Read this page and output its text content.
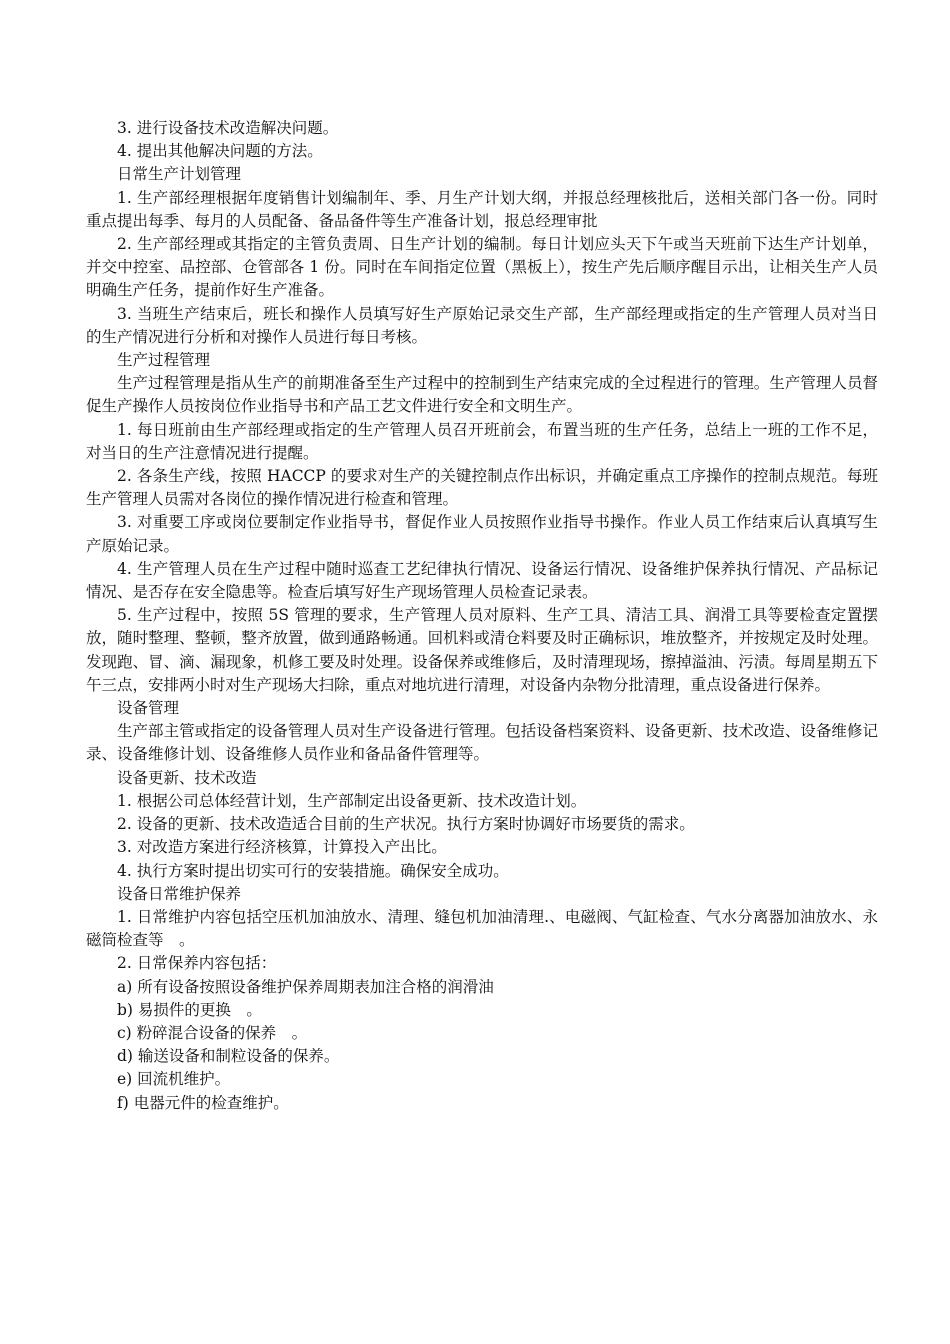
3. 进行设备技术改造解决问题。

4. 提出其他解决问题的方法。

日常生产计划管理

1. 生产部经理根据年度销售计划编制年、季、月生产计划大纲，并报总经理核批后，送相关部门各一份。同时重点提出每季、每月的人员配备、备品备件等生产准备计划，报总经理审批

2. 生产部经理或其指定的主管负责周、日生产计划的编制。每日计划应头天下午或当天班前下达生产计划单，并交中控室、品控部、仓管部各 1 份。同时在车间指定位置（黑板上），按生产先后顺序醒目示出，让相关生产人员明确生产任务，提前作好生产准备。

3. 当班生产结束后，班长和操作人员填写好生产原始记录交生产部，生产部经理或指定的生产管理人员对当日的生产情况进行分析和对操作人员进行每日考核。

生产过程管理

生产过程管理是指从生产的前期准备至生产过程中的控制到生产结束完成的全过程进行的管理。生产管理人员督促生产操作人员按岗位作业指导书和产品工艺文件进行安全和文明生产。

1. 每日班前由生产部经理或指定的生产管理人员召开班前会，布置当班的生产任务，总结上一班的工作不足，对当日的生产注意情况进行提醒。

2. 各条生产线，按照 HACCP 的要求对生产的关键控制点作出标识，并确定重点工序操作的控制点规范。每班生产管理人员需对各岗位的操作情况进行检查和管理。

3. 对重要工序或岗位要制定作业指导书，督促作业人员按照作业指导书操作。作业人员工作结束后认真填写生产原始记录。

4. 生产管理人员在生产过程中随时巡查工艺纪律执行情况、设备运行情况、设备维护保养执行情况、产品标记情况、是否存在安全隐患等。检查后填写好生产现场管理人员检查记录表。

5. 生产过程中，按照 5S 管理的要求，生产管理人员对原料、生产工具、清洁工具、润滑工具等要检查定置摆放，随时整理、整顿，整齐放置，做到通路畅通。回机料或清仓料要及时正确标识，堆放整齐，并按规定及时处理。发现跑、冒、滴、漏现象，机修工要及时处理。设备保养或维修后，及时清理现场，擦掉溢油、污渍。每周星期五下午三点，安排两小时对生产现场大扫除，重点对地坑进行清理，对设备内杂物分批清理，重点设备进行保养。

设备管理

生产部主管或指定的设备管理人员对生产设备进行管理。包括设备档案资料、设备更新、技术改造、设备维修记录、设备维修计划、设备维修人员作业和备品备件管理等。

设备更新、技术改造

1. 根据公司总体经营计划，生产部制定出设备更新、技术改造计划。

2. 设备的更新、技术改造适合目前的生产状况。执行方案时协调好市场要货的需求。

3. 对改造方案进行经济核算，计算投入产出比。

4. 执行方案时提出切实可行的安装措施。确保安全成功。

设备日常维护保养

1. 日常维护内容包括空压机加油放水、清理、缝包机加油清理.、电磁阀、气缸检查、气水分离器加油放水、永磁筒检查等　。

2. 日常保养内容包括：

a) 所有设备按照设备维护保养周期表加注合格的润滑油

b) 易损件的更换　。

c) 粉碎混合设备的保养　。

d) 输送设备和制粒设备的保养。

e) 回流机维护。

f) 电器元件的检查维护。
